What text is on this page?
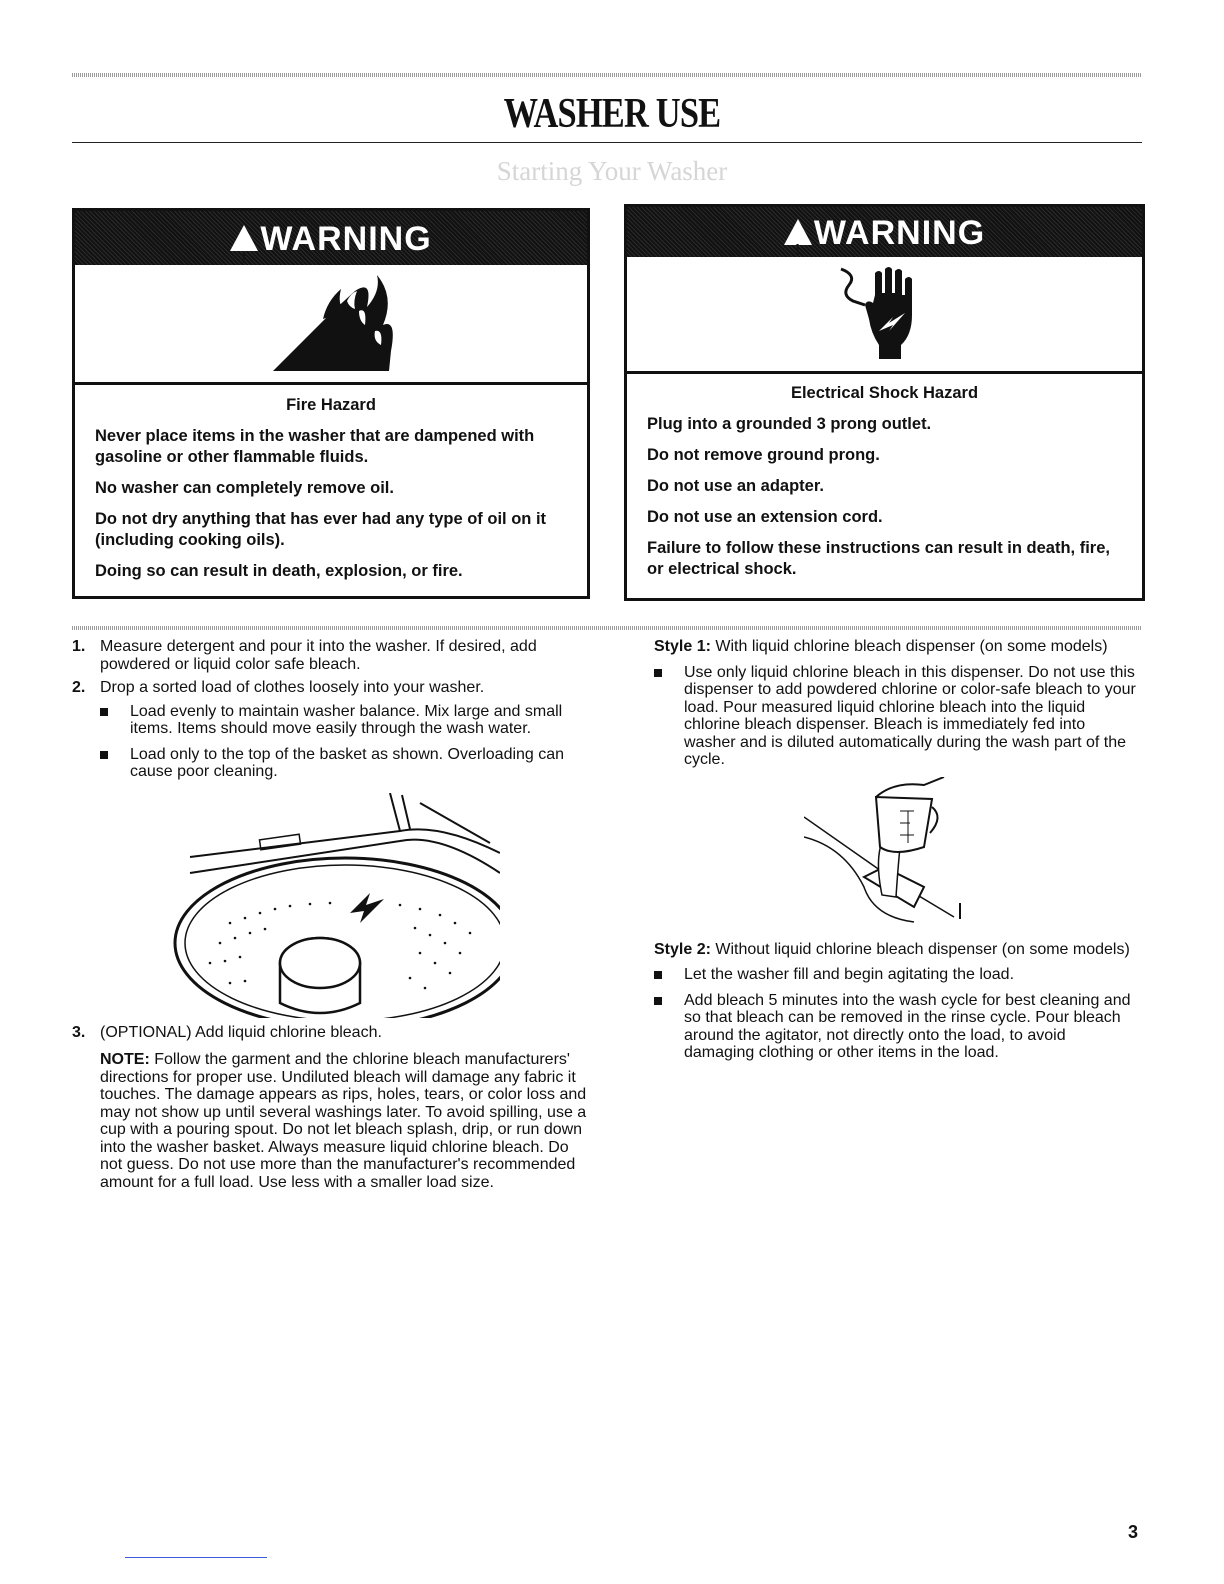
WASHER USE
Starting Your Washer
!WARNING

Fire Hazard

Never place items in the washer that are dampened with gasoline or other flammable fluids.

No washer can completely remove oil.

Do not dry anything that has ever had any type of oil on it (including cooking oils).

Doing so can result in death, explosion, or fire.

!WARNING

Electrical Shock Hazard

Plug into a grounded 3 prong outlet.

Do not remove ground prong.

Do not use an adapter.

Do not use an extension cord.

Failure to follow these instructions can result in death, fire, or electrical shock.

1. Measure detergent and pour it into the washer. If desired, add powdered or liquid color safe bleach.
2. Drop a sorted load of clothes loosely into your washer.
Load evenly to maintain washer balance. Mix large and small items. Items should move easily through the wash water.
Load only to the top of the basket as shown. Overloading can cause poor cleaning.
3. (OPTIONAL) Add liquid chlorine bleach.
NOTE: Follow the garment and the chlorine bleach manufacturers' directions for proper use. Undiluted bleach will damage any fabric it touches. The damage appears as rips, holes, tears, or color loss and may not show up until several washings later. To avoid spilling, use a cup with a pouring spout. Do not let bleach splash, drip, or run down into the washer basket. Always measure liquid chlorine bleach. Do not guess. Do not use more than the manufacturer's recommended amount for a full load. Use less with a smaller load size.

Style 1: With liquid chlorine bleach dispenser (on some models)

Use only liquid chlorine bleach in this dispenser. Do not use this dispenser to add powdered chlorine or color-safe bleach to your load. Pour measured liquid chlorine bleach into the liquid chlorine bleach dispenser. Bleach is immediately fed into washer and is diluted automatically during the wash part of the cycle.

Style 2: Without liquid chlorine bleach dispenser (on some models)

Let the washer fill and begin agitating the load.
Add bleach 5 minutes into the wash cycle for best cleaning and so that bleach can be removed in the rinse cycle. Pour bleach around the agitator, not directly onto the load, to avoid damaging clothing or other items in the load.
3
